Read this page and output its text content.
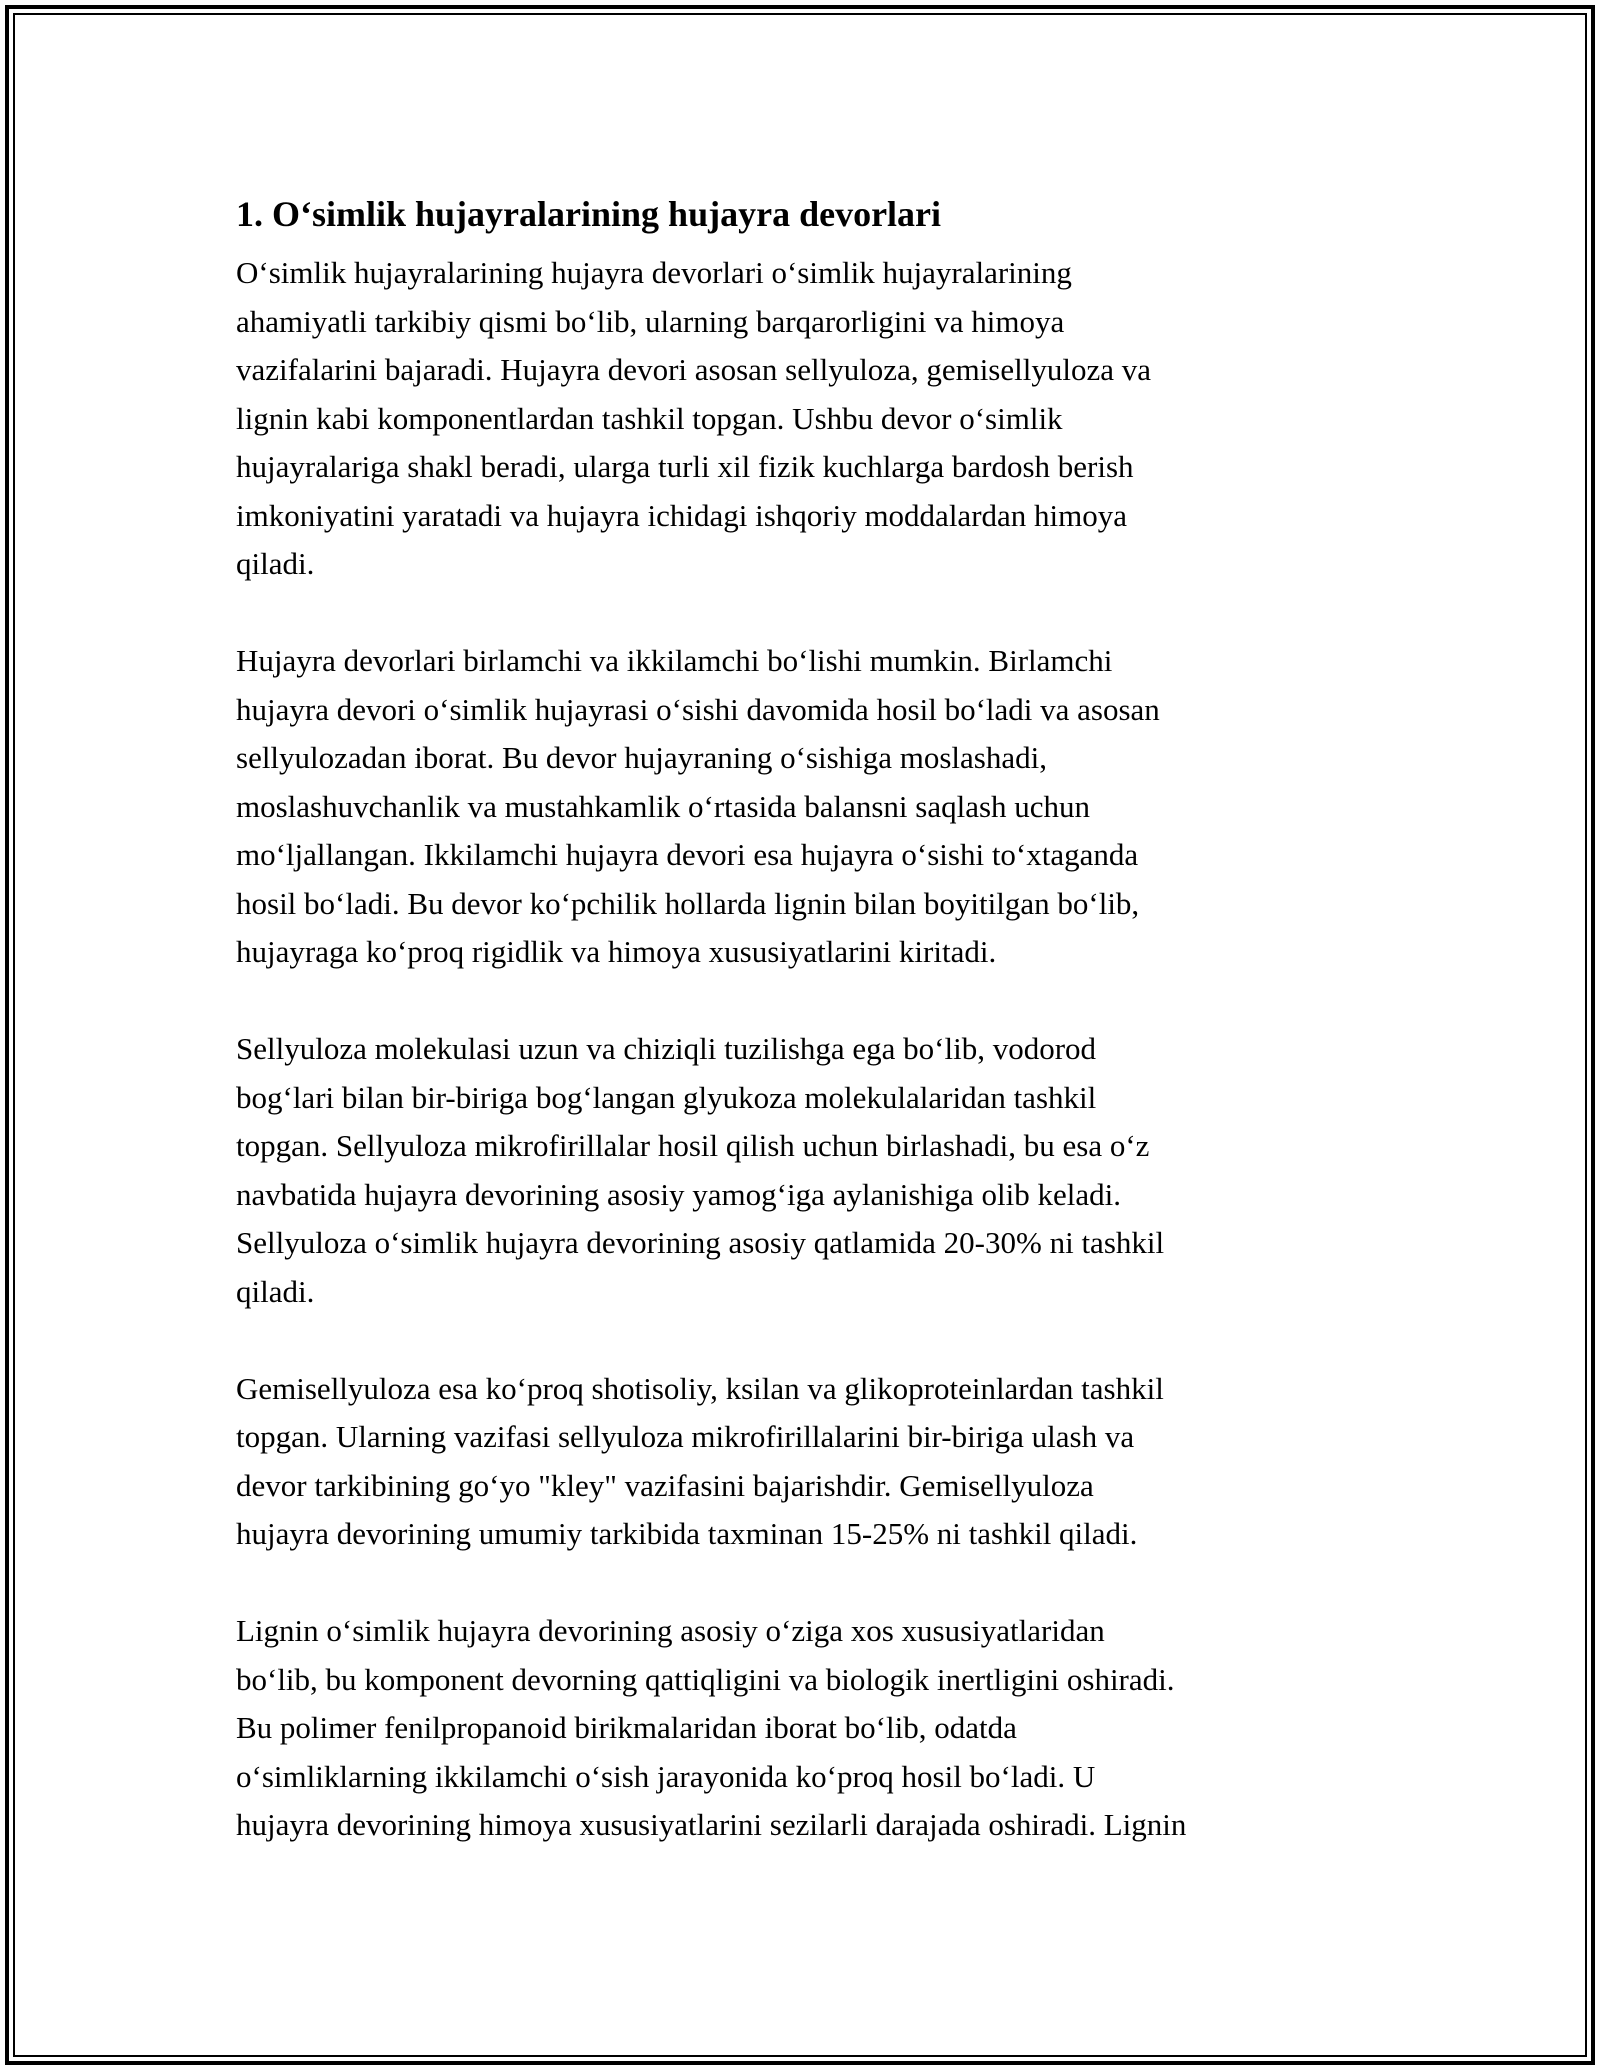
1. O‘simlik hujayralarining hujayra devorlari
O‘simlik hujayralarining hujayra devorlari o‘simlik hujayralarining
ahamiyatli tarkibiy qismi bo‘lib, ularning barqarorligini va himoya
vazifalarini bajaradi. Hujayra devori asosan sellyuloza, gemisellyuloza va
lignin kabi komponentlardan tashkil topgan. Ushbu devor o‘simlik
hujayralariga shakl beradi, ularga turli xil fizik kuchlarga bardosh berish
imkoniyatini yaratadi va hujayra ichidagi ishqoriy moddalardan himoya
qiladi.
Hujayra devorlari birlamchi va ikkilamchi bo‘lishi mumkin. Birlamchi
hujayra devori o‘simlik hujayrasi o‘sishi davomida hosil bo‘ladi va asosan
sellyulozadan iborat. Bu devor hujayraning o‘sishiga moslashadi,
moslashuvchanlik va mustahkamlik o‘rtasida balansni saqlash uchun
mo‘ljallangan. Ikkilamchi hujayra devori esa hujayra o‘sishi to‘xtaganda
hosil bo‘ladi. Bu devor ko‘pchilik hollarda lignin bilan boyitilgan bo‘lib,
hujayraga ko‘proq rigidlik va himoya xususiyatlarini kiritadi.
Sellyuloza molekulasi uzun va chiziqli tuzilishga ega bo‘lib, vodorod
bog‘lari bilan bir-biriga bog‘langan glyukoza molekulalaridan tashkil
topgan. Sellyuloza mikrofirillalar hosil qilish uchun birlashadi, bu esa o‘z
navbatida hujayra devorining asosiy yamog‘iga aylanishiga olib keladi.
Sellyuloza o‘simlik hujayra devorining asosiy qatlamida 20-30% ni tashkil
qiladi.
Gemisellyuloza esa ko‘proq shotisoliy, ksilan va glikoproteinlardan tashkil
topgan. Ularning vazifasi sellyuloza mikrofirillalarini bir-biriga ulash va
devor tarkibining go‘yo "kley" vazifasini bajarishdir. Gemisellyuloza
hujayra devorining umumiy tarkibida taxminan 15-25% ni tashkil qiladi.
Lignin o‘simlik hujayra devorining asosiy o‘ziga xos xususiyatlaridan
bo‘lib, bu komponent devorning qattiqligini va biologik inertligini oshiradi.
Bu polimer fenilpropanoid birikmalaridan iborat bo‘lib, odatda
o‘simliklarning ikkilamchi o‘sish jarayonida ko‘proq hosil bo‘ladi. U
hujayra devorining himoya xususiyatlarini sezilarli darajada oshiradi. Lignin
